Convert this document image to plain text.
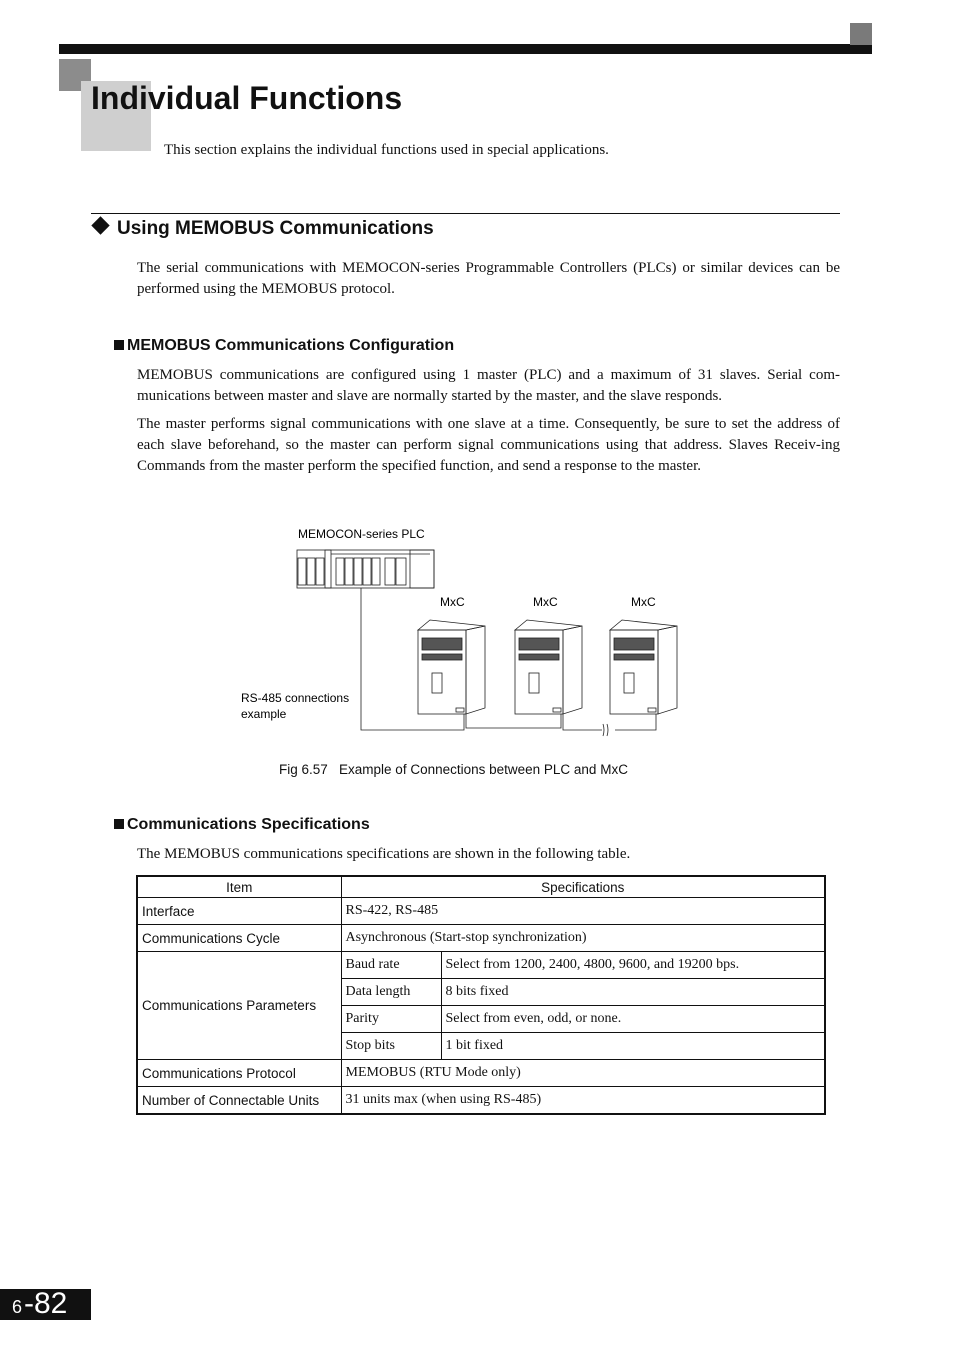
Individual Functions
This section explains the individual functions used in special applications.
Using MEMOBUS Communications
The serial communications with MEMOCON-series Programmable Controllers (PLCs) or similar devices can be performed using the MEMOBUS protocol.
MEMOBUS Communications Configuration
MEMOBUS communications are configured using 1 master (PLC) and a maximum of 31 slaves. Serial com-munications between master and slave are normally started by the master, and the slave responds.
The master performs signal communications with one slave at a time. Consequently, be sure to set the address of each slave beforehand, so the master can perform signal communications using that address. Slaves Receiv-ing Commands from the master perform the specified function, and send a response to the master.
MEMOCON-series PLC
MxC	MxC	MxC
RS-485 connections
example
Fig 6.57   Example of Connections between PLC and MxC
Communications Specifications
The MEMOBUS communications specifications are shown in the following table.
Item	Specifications	
Interface	RS-422, RS-485	
Communications Cycle	Asynchronous (Start-stop synchronization)	
Communications Parameters	Baud rate	Select from 1200, 2400, 4800, 9600, and 19200 bps.
	Data length	8 bits fixed
	Parity	Select from even, odd, or none.
	Stop bits	1 bit fixed
Communications Protocol	MEMOBUS (RTU Mode only)	
Number of Connectable Units	31 units max (when using RS-485)	
6 -82
